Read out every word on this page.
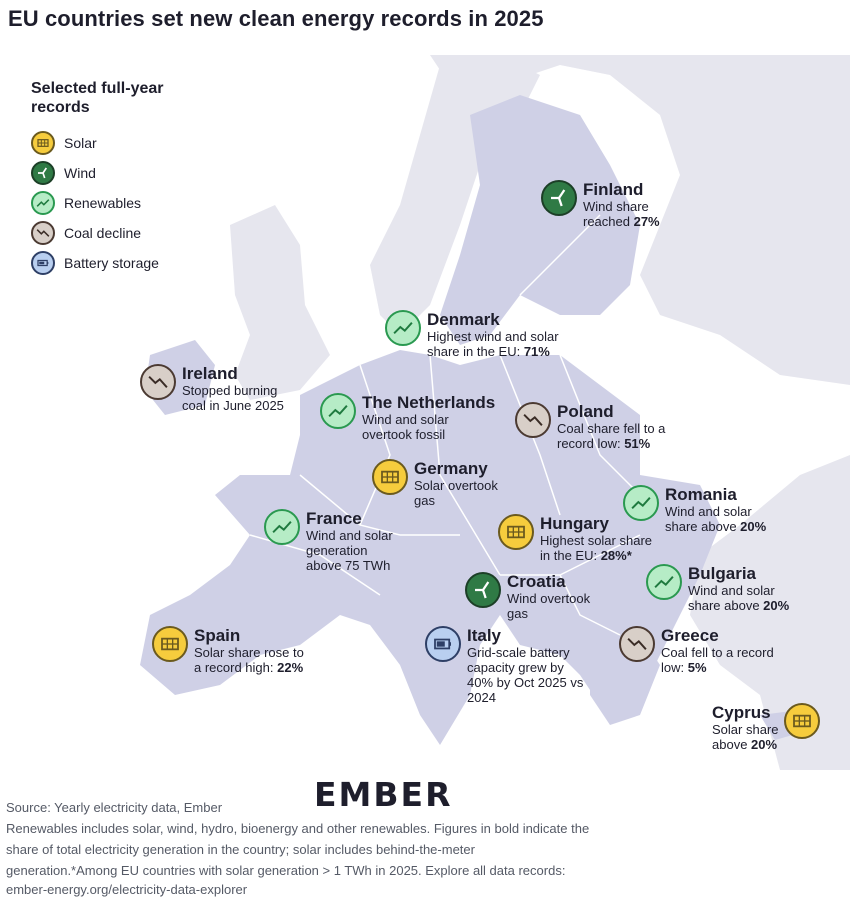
EU countries set new clean energy records in 2025
Selected full-year records
Solar
Wind
Renewables
Coal decline
Battery storage
Finland
Wind share
reached 27%
Denmark
Highest wind and solar
share in the EU: 71%
Ireland
Stopped burning
coal in June 2025	The Netherlands
Wind and solar
overtook fossil
Poland
Coal share fell to a
record low: 51%
Germany
Solar overtook
gas	Romania
Wind and solar
share above 20%
France
Wind and solar
generation
above 75 TWh
Hungary
Highest solar share
in the EU: 28%*
Bulgaria
Wind and solar
share above 20%
Croatia
Wind overtook
gas
Spain
Solar share rose to
a record high: 22%
Italy
Grid-scale battery
capacity grew by
40% by Oct 2025 vs
2024
Greece
Coal fell to a record
low: 5%
Cyprus
Solar share
above 20%
EMBER
Source: Yearly electricity data, Ember
Renewables includes solar, wind, hydro, bioenergy and other renewables. Figures in bold indicate the
share of total electricity generation in the country; solar includes behind-the-meter
generation.*Among EU countries with solar generation > 1 TWh in 2025. Explore all data records:
ember-energy.org/electricity-data-explorer
